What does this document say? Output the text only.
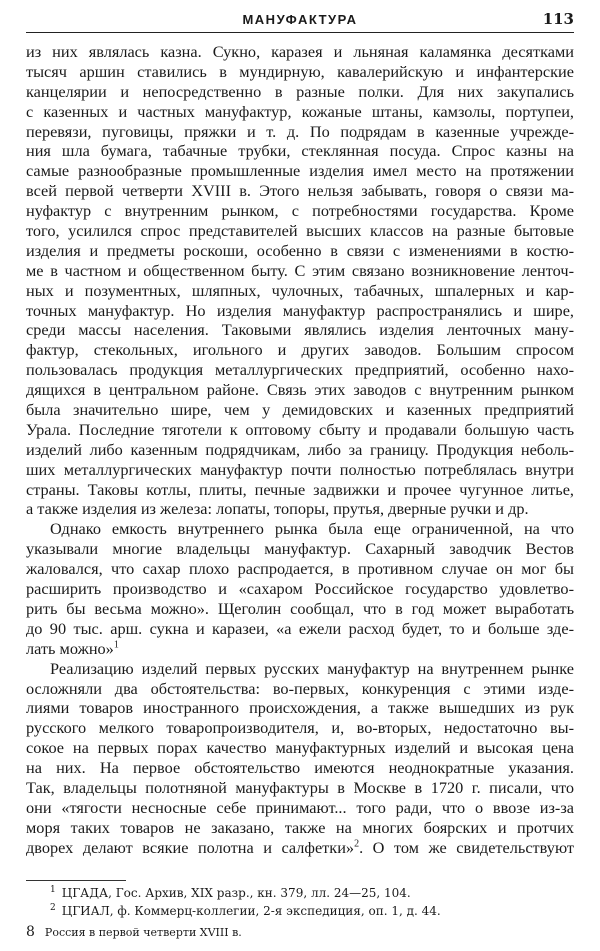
МАНУФАКТУРА	113
из них являлась казна. Сукно, каразея и льняная каламянка десятками
тысяч аршин ставились в мундирную, кавалерийскую и инфантерские
канцелярии и непосредственно в разные полки. Для них закупались
с казенных и частных мануфактур, кожаные штаны, камзолы, портупеи,
перевязи, пуговицы, пряжки и т. д. По подрядам в казенные учрежде-
ния шла бумага, табачные трубки, стеклянная посуда. Спрос казны на
самые разнообразные промышленные изделия имел место на протяжении
всей первой четверти XVIII в. Этого нельзя забывать, говоря о связи ма-
нуфактур с внутренним рынком, с потребностями государства. Кроме
того, усилился спрос представителей высших классов на разные бытовые
изделия и предметы роскоши, особенно в связи с изменениями в костю-
ме в частном и общественном быту. С этим связано возникновение ленточ-
ных и позументных, шляпных, чулочных, табачных, шпалерных и кар-
точных мануфактур. Но изделия мануфактур распространялись и шире,
среди массы населения. Таковыми являлись изделия ленточных ману-
фактур, стекольных, игольного и других заводов. Большим спросом
пользовалась продукция металлургических предприятий, особенно нахо-
дящихся в центральном районе. Связь этих заводов с внутренним рынком
была значительно шире, чем у демидовских и казенных предприятий
Урала. Последние тяготели к оптовому сбыту и продавали большую часть
изделий либо казенным подрядчикам, либо за границу. Продукция неболь-
ших металлургических мануфактур почти полностью потреблялась внутри
страны. Таковы котлы, плиты, печные задвижки и прочее чугунное литье,
а также изделия из железа: лопаты, топоры, прутья, дверные ручки и др.
Однако емкость внутреннего рынка была еще ограниченной, на что
указывали многие владельцы мануфактур. Сахарный заводчик Вестов
жаловался, что сахар плохо распродается, в противном случае он мог бы
расширить производство и «сахаром Российское государство удовлетво-
рить бы весьма можно». Щеголин сообщал, что в год может выработать
до 90 тыс. арш. сукна и каразеи, «а ежели расход будет, то и больше зде-
лать можно»$^1$
Реализацию изделий первых русских мануфактур на внутреннем рынке
осложняли два обстоятельства: во-первых, конкуренция с этими изде-
лиями товаров иностранного происхождения, а также вышедших из рук
русского мелкого товаропроизводителя, и, во-вторых, недостаточно вы-
сокое на первых порах качество мануфактурных изделий и высокая цена
на них. На первое обстоятельство имеются неоднократные указания.
Так, владельцы полотняной мануфактуры в Москве в 1720 г. писали, что
они «тягости несносные себе принимают... того ради, что о ввозе из-за
моря таких товаров не заказано, также на многих боярских и протчих
дворех делают всякие полотна и салфетки»$^2$. О том же свидетельствуют
$^1$ ЦГАДА, Гос. Архив, XIX разр., кн. 379, лл. 24—25, 104.
$^2$ ЦГИАЛ, ф. Коммерц-коллегии, 2-я экспедиция, оп. 1, д. 44.
8 Россия в первой четверти XVIII в.
